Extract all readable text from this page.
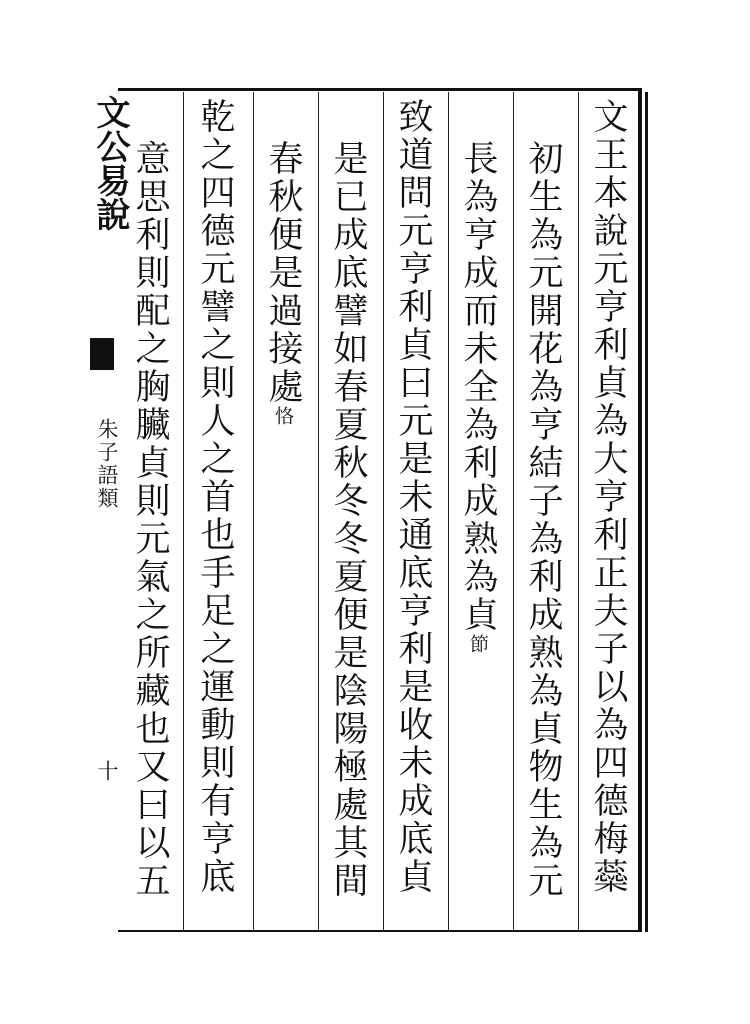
文王本說元亨利貞為大亨利正夫子以為四德梅蘂
初生為元開花為亨結子為利成熟為貞物生為元
長為亨成而未全為利成熟為貞節
致道問元亨利貞曰元是未通底亨利是收未成底貞
是已成底譬如春夏秋冬冬夏便是陰陽極處其間
春秋便是過接處恪
乾之四德元譬之則人之首也手足之運動則有亨底
意思利則配之胸臟貞則元氣之所藏也又曰以五
文公易說
朱子語類
十
